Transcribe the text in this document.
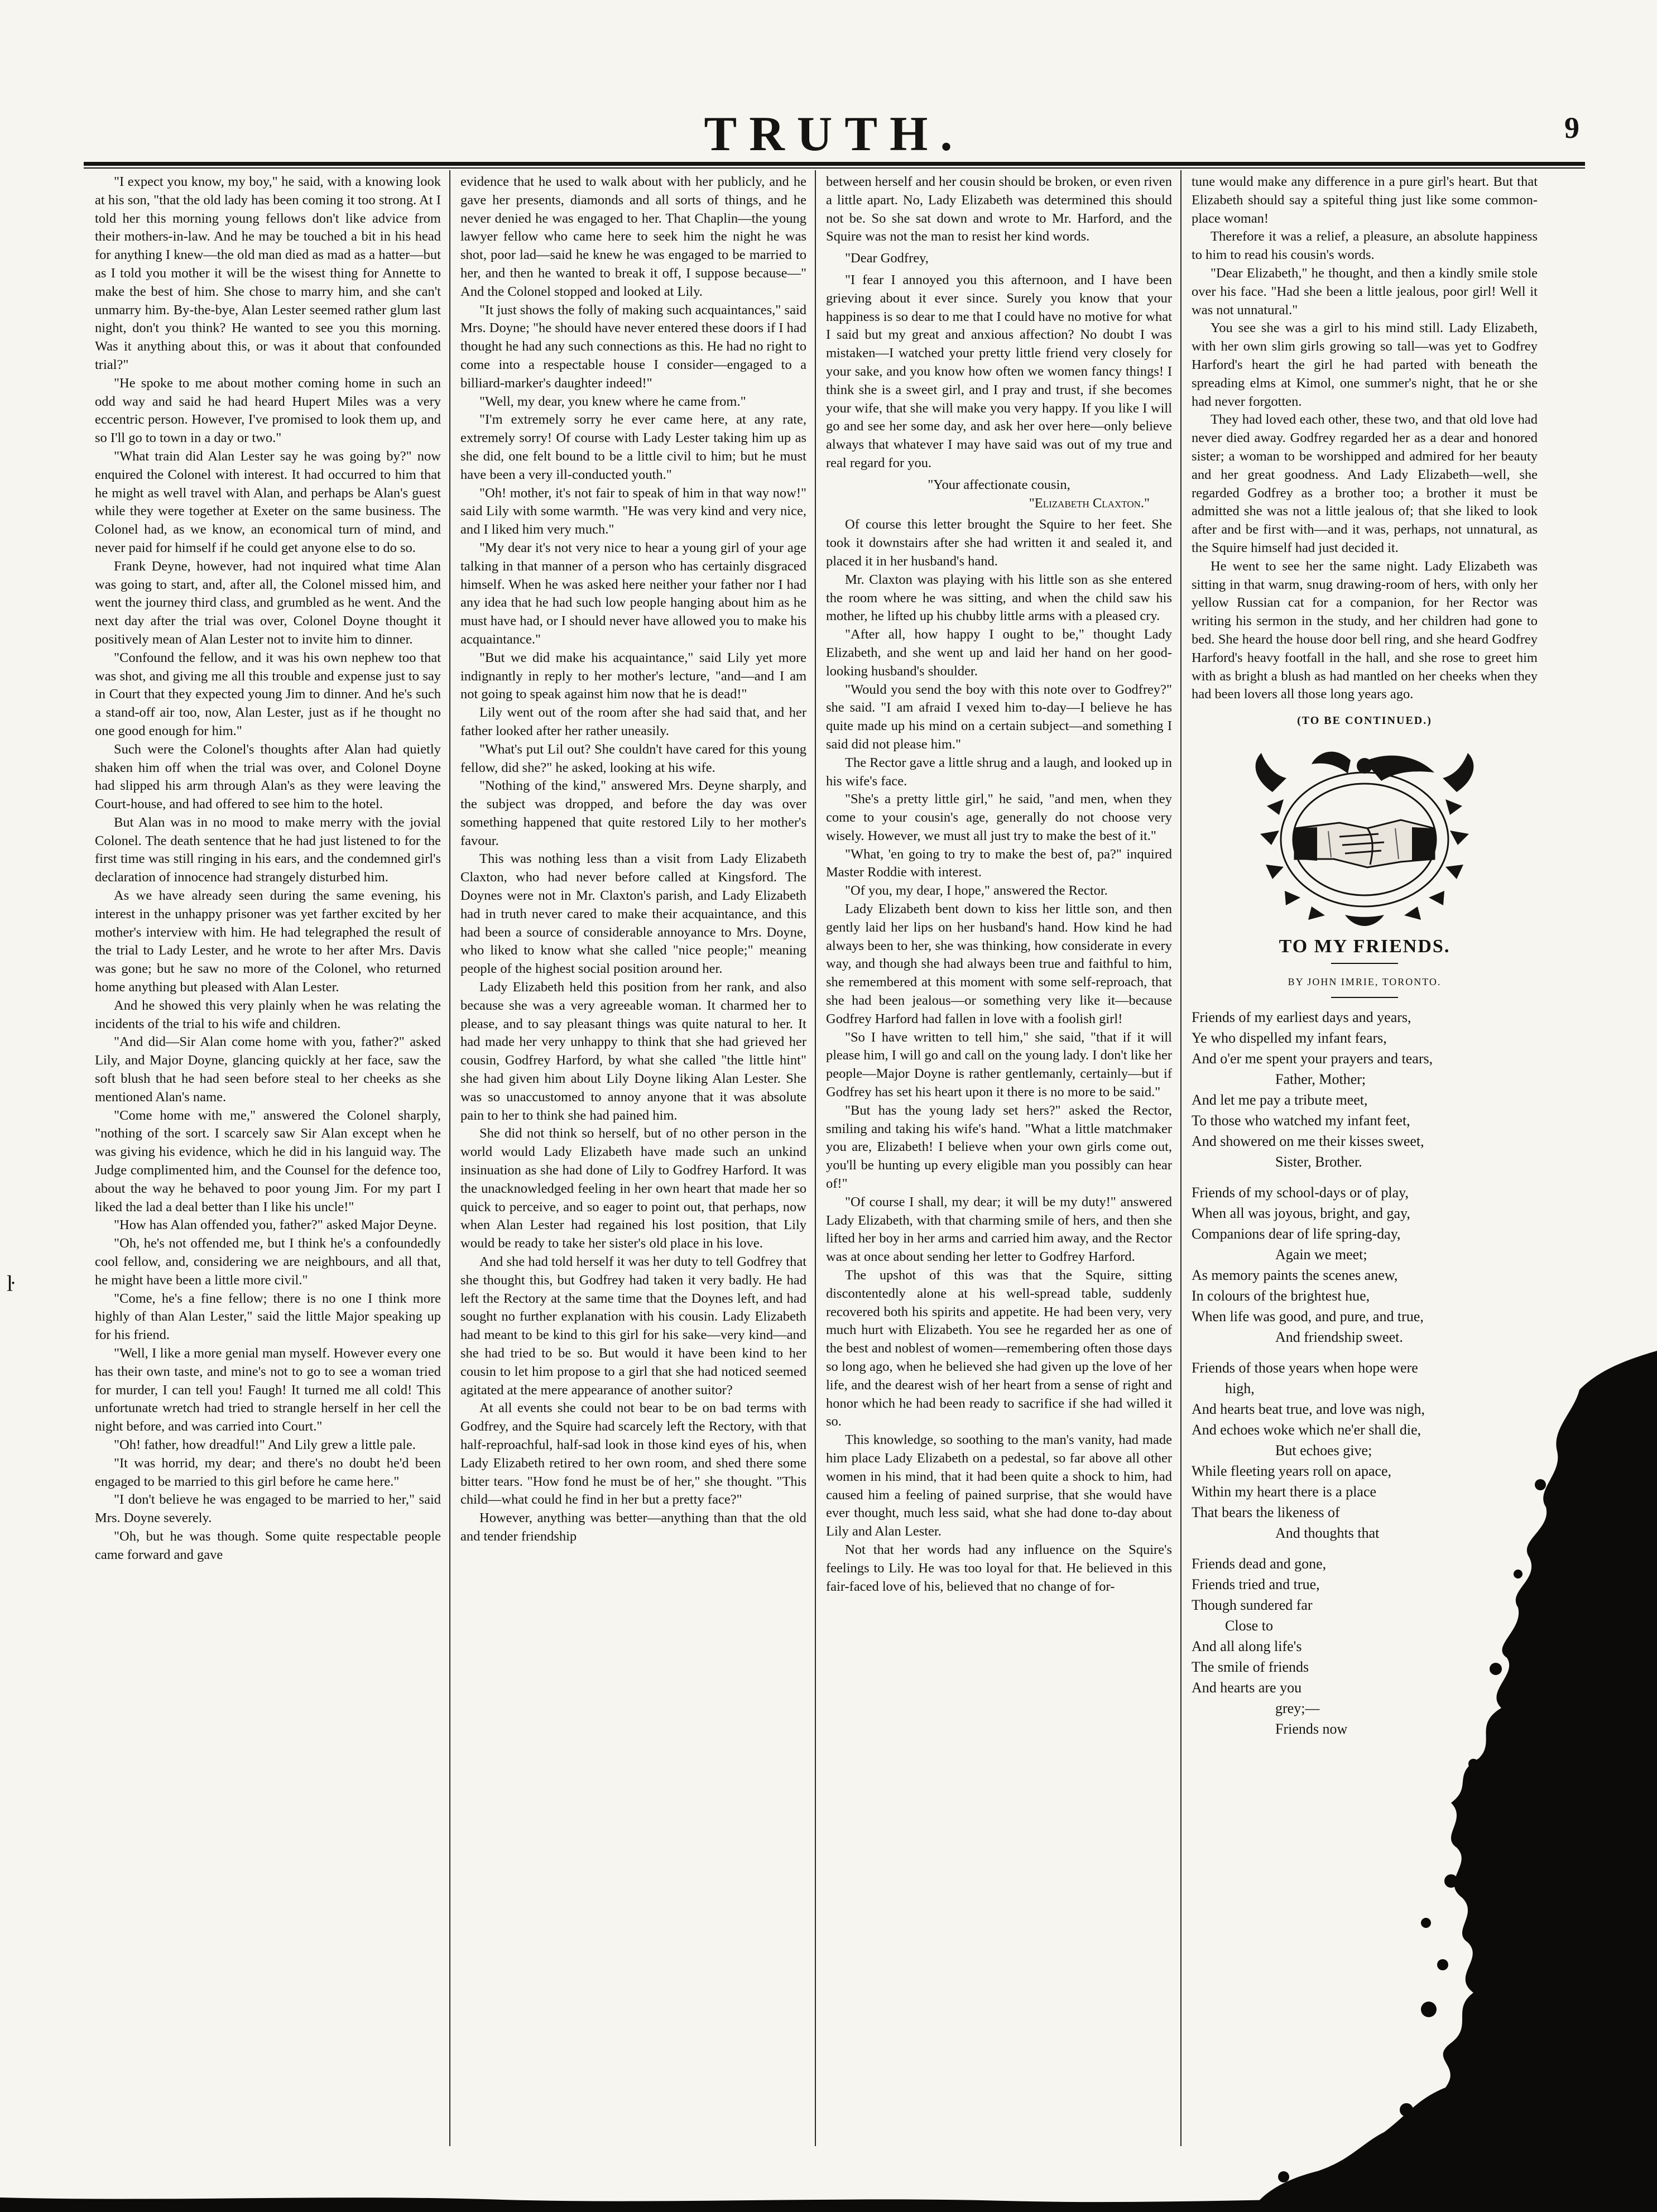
TRUTH.	9

"I expect you know, my boy," he said, with a knowing look at his son, "that the old lady has been coming it too strong. At I told her this morning young fellows don't like advice from their mothers-in-law. And he may be touched a bit in his head for anything I knew—the old man died as mad as a hatter—but as I told you mother it will be the wisest thing for Annette to make the best of him. She chose to marry him, and she can't unmarry him. By-the-bye, Alan Lester seemed rather glum last night, don't you think? He wanted to see you this morning. Was it anything about this, or was it about that confounded trial?"

"He spoke to me about mother coming home in such an odd way and said he had heard Hupert Miles was a very eccentric person. However, I've promised to look them up, and so I'll go to town in a day or two."

"What train did Alan Lester say he was going by?" now enquired the Colonel with interest. It had occurred to him that he might as well travel with Alan, and perhaps be Alan's guest while they were together at Exeter on the same business. The Colonel had, as we know, an economical turn of mind, and never paid for himself if he could get anyone else to do so.

Frank Deyne, however, had not inquired what time Alan was going to start, and, after all, the Colonel missed him, and went the journey third class, and grumbled as he went. And the next day after the trial was over, Colonel Doyne thought it positively mean of Alan Lester not to invite him to dinner.

"Confound the fellow, and it was his own nephew too that was shot, and giving me all this trouble and expense just to say in Court that they expected young Jim to dinner. And he's such a stand-off air too, now, Alan Lester, just as if he thought no one good enough for him."

Such were the Colonel's thoughts after Alan had quietly shaken him off when the trial was over, and Colonel Doyne had slipped his arm through Alan's as they were leaving the Court-house, and had offered to see him to the hotel.

But Alan was in no mood to make merry with the jovial Colonel. The death sentence that he had just listened to for the first time was still ringing in his ears, and the condemned girl's declaration of innocence had strangely disturbed him.

As we have already seen during the same evening, his interest in the unhappy prisoner was yet farther excited by her mother's interview with him. He had telegraphed the result of the trial to Lady Lester, and he wrote to her after Mrs. Davis was gone; but he saw no more of the Colonel, who returned home anything but pleased with Alan Lester.

And he showed this very plainly when he was relating the incidents of the trial to his wife and children.

"And did—Sir Alan come home with you, father?" asked Lily, and Major Doyne, glancing quickly at her face, saw the soft blush that he had seen before steal to her cheeks as she mentioned Alan's name.

"Come home with me," answered the Colonel sharply, "nothing of the sort. I scarcely saw Sir Alan except when he was giving his evidence, which he did in his languid way. The Judge complimented him, and the Counsel for the defence too, about the way he behaved to poor young Jim. For my part I liked the lad a deal better than I like his uncle!"

"How has Alan offended you, father?" asked Major Deyne.

"Oh, he's not offended me, but I think he's a confoundedly cool fellow, and, considering we are neighbours, and all that, he might have been a little more civil."

"Come, he's a fine fellow; there is no one I think more highly of than Alan Lester," said the little Major speaking up for his friend.

"Well, I like a more genial man myself. However every one has their own taste, and mine's not to go to see a woman tried for murder, I can tell you! Faugh! It turned me all cold! This unfortunate wretch had tried to strangle herself in her cell the night before, and was carried into Court."

"Oh! father, how dreadful!" And Lily grew a little pale.

"It was horrid, my dear; and there's no doubt he'd been engaged to be married to this girl before he came here."

"I don't believe he was engaged to be married to her," said Mrs. Doyne severely.

"Oh, but he was though. Some quite respectable people came forward and gave

evidence that he used to walk about with her publicly, and he gave her presents, diamonds and all sorts of things, and he never denied he was engaged to her. That Chaplin—the young lawyer fellow who came here to seek him the night he was shot, poor lad—said he knew he was engaged to be married to her, and then he wanted to break it off, I suppose because—" And the Colonel stopped and looked at Lily.

"It just shows the folly of making such acquaintances," said Mrs. Doyne; "he should have never entered these doors if I had thought he had any such connections as this. He had no right to come into a respectable house I consider—engaged to a billiard-marker's daughter indeed!"

"Well, my dear, you knew where he came from."

"I'm extremely sorry he ever came here, at any rate, extremely sorry! Of course with Lady Lester taking him up as she did, one felt bound to be a little civil to him; but he must have been a very ill-conducted youth."

"Oh! mother, it's not fair to speak of him in that way now!" said Lily with some warmth. "He was very kind and very nice, and I liked him very much."

"My dear it's not very nice to hear a young girl of your age talking in that manner of a person who has certainly disgraced himself. When he was asked here neither your father nor I had any idea that he had such low people hanging about him as he must have had, or I should never have allowed you to make his acquaintance."

"But we did make his acquaintance," said Lily yet more indignantly in reply to her mother's lecture, "and—and I am not going to speak against him now that he is dead!"

Lily went out of the room after she had said that, and her father looked after her rather uneasily.

"What's put Lil out? She couldn't have cared for this young fellow, did she?" he asked, looking at his wife.

"Nothing of the kind," answered Mrs. Deyne sharply, and the subject was dropped, and before the day was over something happened that quite restored Lily to her mother's favour.

This was nothing less than a visit from Lady Elizabeth Claxton, who had never before called at Kingsford. The Doynes were not in Mr. Claxton's parish, and Lady Elizabeth had in truth never cared to make their acquaintance, and this had been a source of considerable annoyance to Mrs. Doyne, who liked to know what she called "nice people;" meaning people of the highest social position around her.

Lady Elizabeth held this position from her rank, and also because she was a very agreeable woman. It charmed her to please, and to say pleasant things was quite natural to her. It had made her very unhappy to think that she had grieved her cousin, Godfrey Harford, by what she called "the little hint" she had given him about Lily Doyne liking Alan Lester. She was so unaccustomed to annoy anyone that it was absolute pain to her to think she had pained him.

She did not think so herself, but of no other person in the world would Lady Elizabeth have made such an unkind insinuation as she had done of Lily to Godfrey Harford. It was the unacknowledged feeling in her own heart that made her so quick to perceive, and so eager to point out, that perhaps, now when Alan Lester had regained his lost position, that Lily would be ready to take her sister's old place in his love.

And she had told herself it was her duty to tell Godfrey that she thought this, but Godfrey had taken it very badly. He had left the Rectory at the same time that the Doynes left, and had sought no further explanation with his cousin. Lady Elizabeth had meant to be kind to this girl for his sake—very kind—and she had tried to be so. But would it have been kind to her cousin to let him propose to a girl that she had noticed seemed agitated at the mere appearance of another suitor?

At all events she could not bear to be on bad terms with Godfrey, and the Squire had scarcely left the Rectory, with that half-reproachful, half-sad look in those kind eyes of his, when Lady Elizabeth retired to her own room, and shed there some bitter tears. "How fond he must be of her," she thought. "This child—what could he find in her but a pretty face?"

However, anything was better—anything than that the old and tender friendship

between herself and her cousin should be broken, or even riven a little apart. No, Lady Elizabeth was determined this should not be. So she sat down and wrote to Mr. Harford, and the Squire was not the man to resist her kind words.

"Dear Godfrey,

"I fear I annoyed you this afternoon, and I have been grieving about it ever since. Surely you know that your happiness is so dear to me that I could have no motive for what I said but my great and anxious affection? No doubt I was mistaken—I watched your pretty little friend very closely for your sake, and you know how often we women fancy things! I think she is a sweet girl, and I pray and trust, if she becomes your wife, that she will make you very happy. If you like I will go and see her some day, and ask her over here—only believe always that whatever I may have said was out of my true and real regard for you.

"Your affectionate cousin,

"Elizabeth Claxton."

Of course this letter brought the Squire to her feet. She took it downstairs after she had written it and sealed it, and placed it in her husband's hand.

Mr. Claxton was playing with his little son as she entered the room where he was sitting, and when the child saw his mother, he lifted up his chubby little arms with a pleased cry.

"After all, how happy I ought to be," thought Lady Elizabeth, and she went up and laid her hand on her good-looking husband's shoulder.

"Would you send the boy with this note over to Godfrey?" she said. "I am afraid I vexed him to-day—I believe he has quite made up his mind on a certain subject—and something I said did not please him."

The Rector gave a little shrug and a laugh, and looked up in his wife's face.

"She's a pretty little girl," he said, "and men, when they come to your cousin's age, generally do not choose very wisely. However, we must all just try to make the best of it."

"What, 'en going to try to make the best of, pa?" inquired Master Roddie with interest.

"Of you, my dear, I hope," answered the Rector.

Lady Elizabeth bent down to kiss her little son, and then gently laid her lips on her husband's hand. How kind he had always been to her, she was thinking, how considerate in every way, and though she had always been true and faithful to him, she remembered at this moment with some self-reproach, that she had been jealous—or something very like it—because Godfrey Harford had fallen in love with a foolish girl!

"So I have written to tell him," she said, "that if it will please him, I will go and call on the young lady. I don't like her people—Major Doyne is rather gentlemanly, certainly—but if Godfrey has set his heart upon it there is no more to be said."

"But has the young lady set hers?" asked the Rector, smiling and taking his wife's hand. "What a little matchmaker you are, Elizabeth! I believe when your own girls come out, you'll be hunting up every eligible man you possibly can hear of!"

"Of course I shall, my dear; it will be my duty!" answered Lady Elizabeth, with that charming smile of hers, and then she lifted her boy in her arms and carried him away, and the Rector was at once about sending her letter to Godfrey Harford.

The upshot of this was that the Squire, sitting discontentedly alone at his well-spread table, suddenly recovered both his spirits and appetite. He had been very, very much hurt with Elizabeth. You see he regarded her as one of the best and noblest of women—remembering often those days so long ago, when he believed she had given up the love of her life, and the dearest wish of her heart from a sense of right and honor which he had been ready to sacrifice if she had willed it so.

This knowledge, so soothing to the man's vanity, had made him place Lady Elizabeth on a pedestal, so far above all other women in his mind, that it had been quite a shock to him, had caused him a feeling of pained surprise, that she would have ever thought, much less said, what she had done to-day about Lily and Alan Lester.

Not that her words had any influence on the Squire's feelings to Lily. He was too loyal for that. He believed in this fair-faced love of his, believed that no change of for-

tune would make any difference in a pure girl's heart. But that Elizabeth should say a spiteful thing just like some common-place woman!

Therefore it was a relief, a pleasure, an absolute happiness to him to read his cousin's words.

"Dear Elizabeth," he thought, and then a kindly smile stole over his face. "Had she been a little jealous, poor girl! Well it was not unnatural."

You see she was a girl to his mind still. Lady Elizabeth, with her own slim girls growing so tall—was yet to Godfrey Harford's heart the girl he had parted with beneath the spreading elms at Kimol, one summer's night, that he or she had never forgotten.

They had loved each other, these two, and that old love had never died away. Godfrey regarded her as a dear and honored sister; a woman to be worshipped and admired for her beauty and her great goodness. And Lady Elizabeth—well, she regarded Godfrey as a brother too; a brother it must be admitted she was not a little jealous of; that she liked to look after and be first with—and it was, perhaps, not unnatural, as the Squire himself had just decided it.

He went to see her the same night. Lady Elizabeth was sitting in that warm, snug drawing-room of hers, with only her yellow Russian cat for a companion, for her Rector was writing his sermon in the study, and her children had gone to bed. She heard the house door bell ring, and she heard Godfrey Harford's heavy footfall in the hall, and she rose to greet him with as bright a blush as had mantled on her cheeks when they had been lovers all those long years ago.

(TO BE CONTINUED.)
TO MY FRIENDS.
BY JOHN IMRIE, TORONTO.
Friends of my earliest days and years,
Ye who dispelled my infant fears,
And o'er me spent your prayers and tears,
Father, Mother;
And let me pay a tribute meet,
To those who watched my infant feet,
And showered on me their kisses sweet,
Sister, Brother.
Friends of my school-days or of play,
When all was joyous, bright, and gay,
Companions dear of life spring-day,
Again we meet;
As memory paints the scenes anew,
In colours of the brightest hue,
When life was good, and pure, and true,
And friendship sweet.
Friends of those years when hope were
high,
And hearts beat true, and love was nigh,
And echoes woke which ne'er shall die,
But echoes give;
While fleeting years roll on apace,
Within my heart there is a place
That bears the likeness of
And thoughts that
Friends dead and gone,
Friends tried and true,
Though sundered far
Close to
And all along life's
The smile of friends
And hearts are you
grey;—
Friends now
ŀ
